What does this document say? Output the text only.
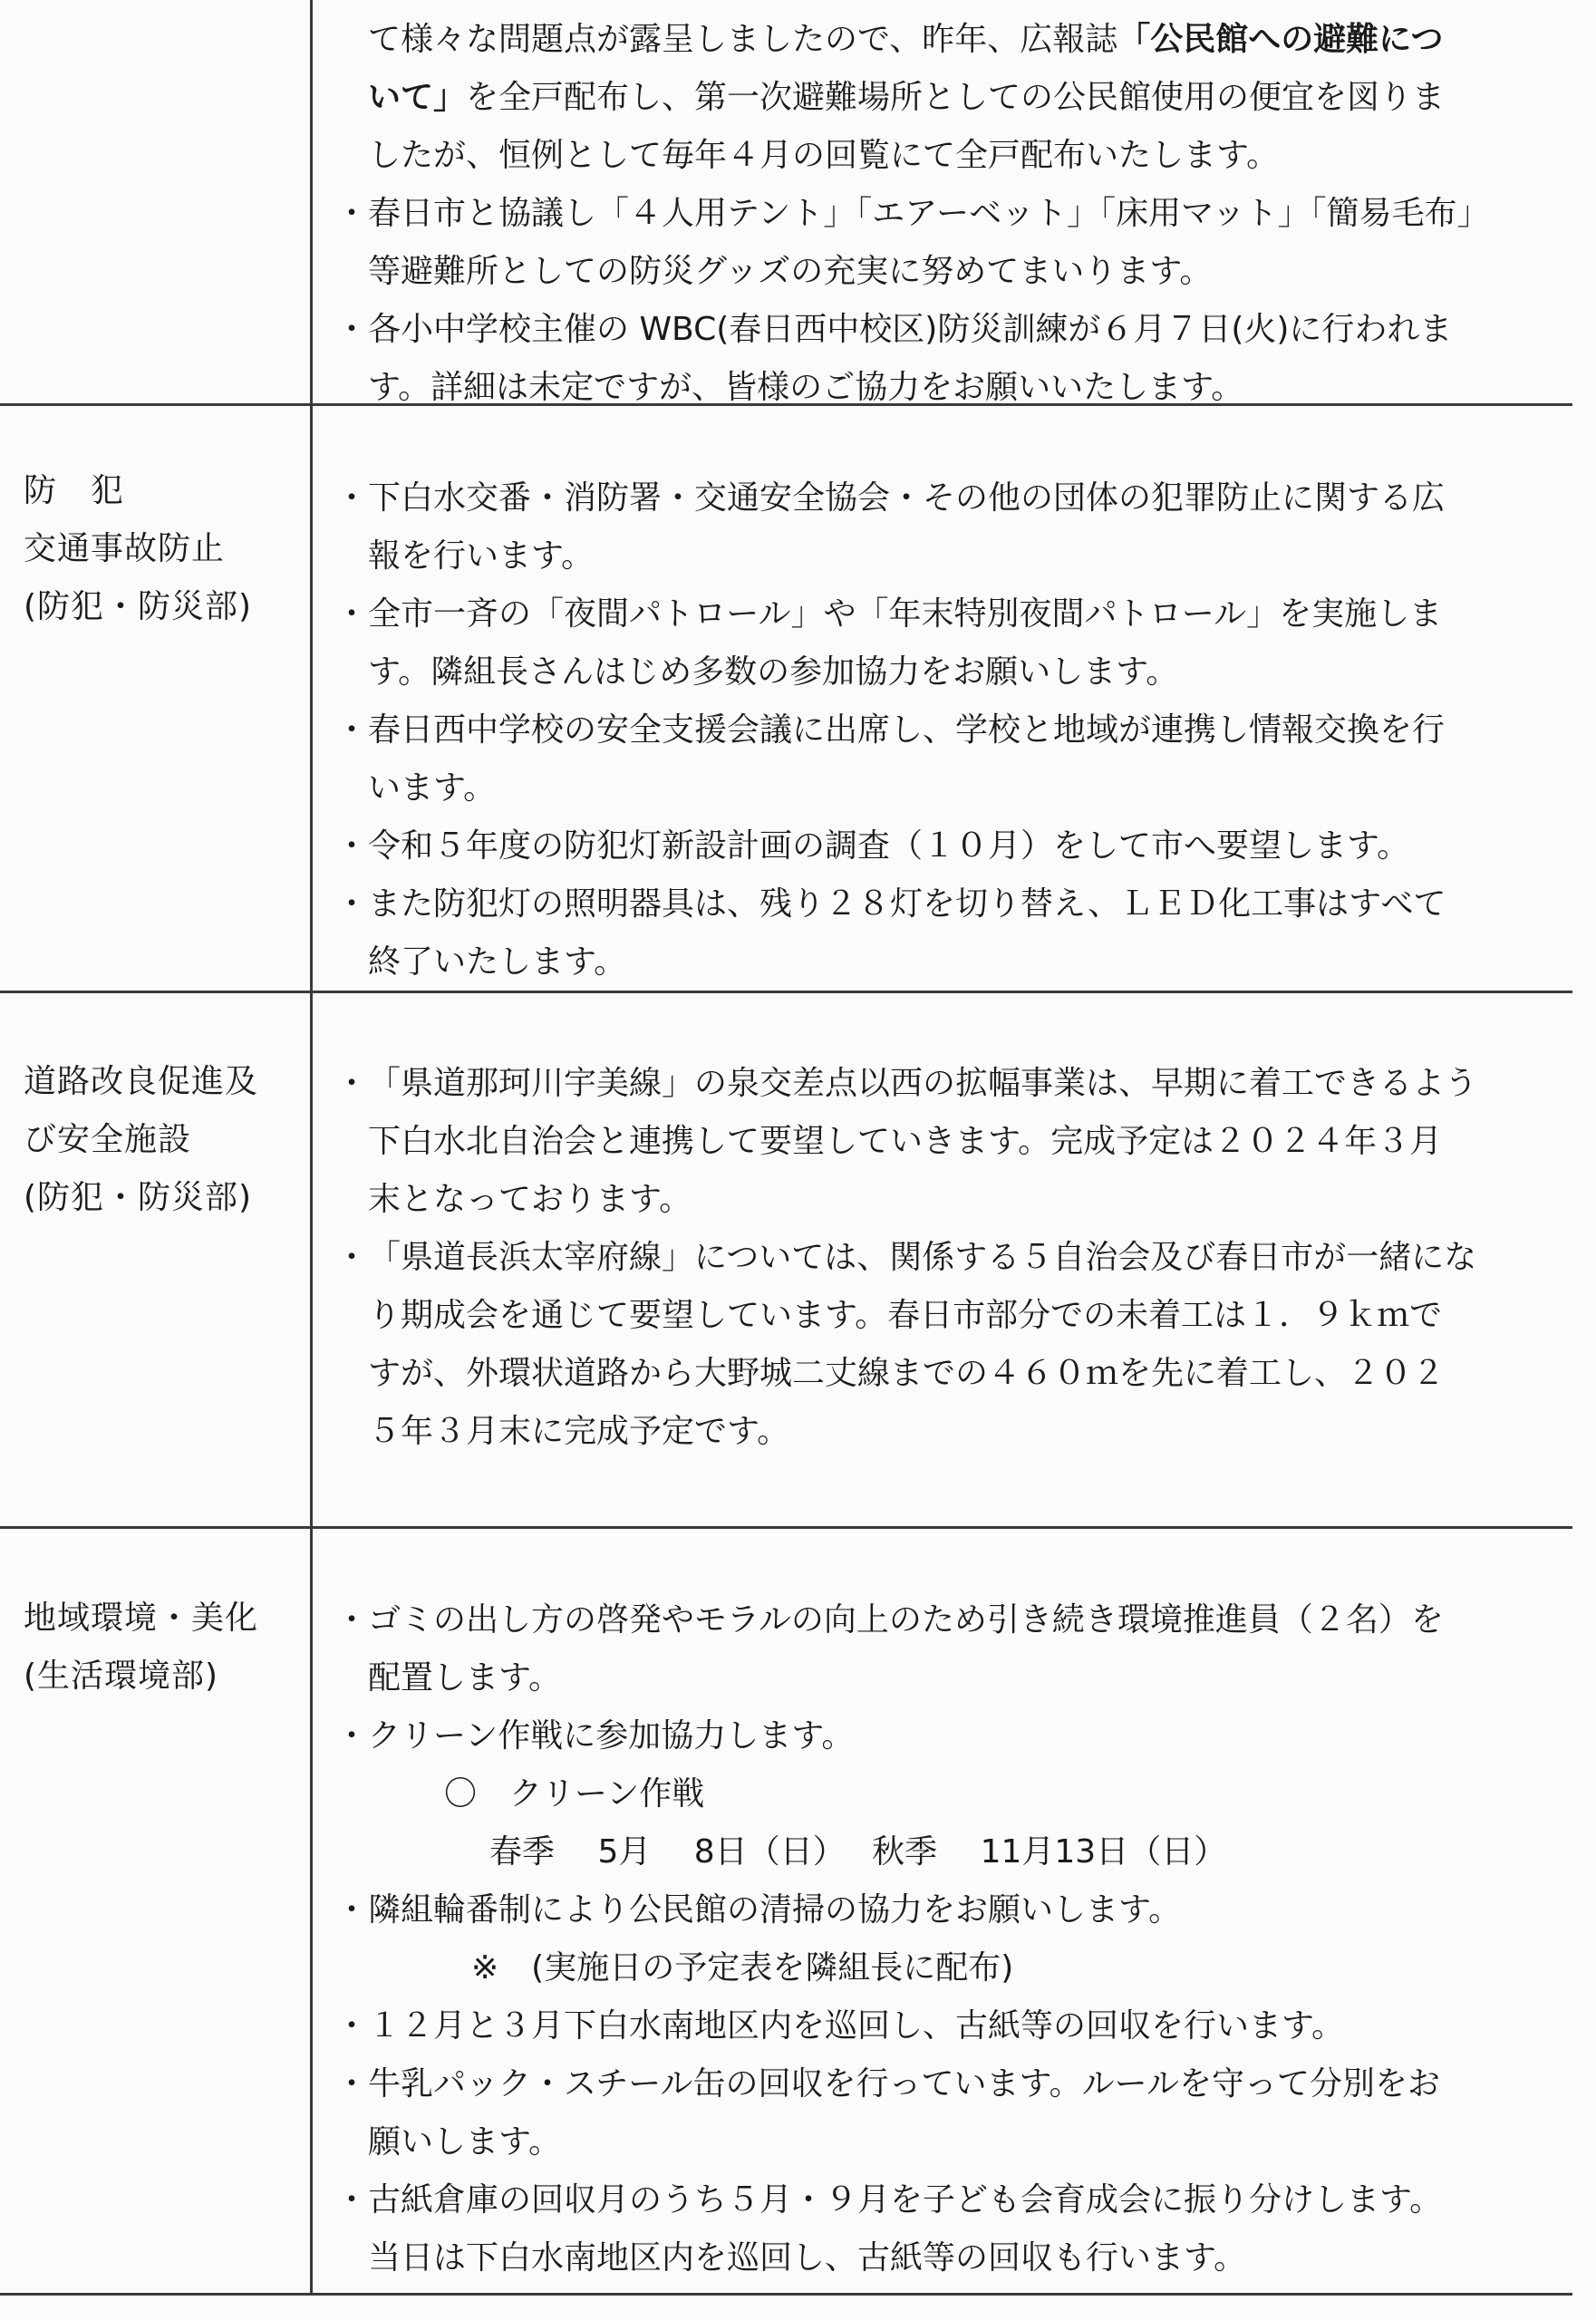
て様々な問題点が露呈しましたので、昨年、広報誌「公民館への避難につ
いて」を全戸配布し、第一次避難場所としての公民館使用の便宜を図りま
したが、恒例として毎年４月の回覧にて全戸配布いたします。
・ 春日市と協議し「４人用テント」「エアーベット」「床用マット」「簡易毛布」
等避難所としての防災グッズの充実に努めてまいります。
・ 各小中学校主催の WBC(春日西中校区)防災訓練が６月７日(火)に行われま
す。詳細は未定ですが、皆様のご協力をお願いいたします。
防　犯
交通事故防止
(防犯・防災部)
・ 下白水交番・消防署・交通安全協会・その他の団体の犯罪防止に関する広
報を行います。
・ 全市一斉の「夜間パトロール」や「年末特別夜間パトロール」を実施しま
す。隣組長さんはじめ多数の参加協力をお願いします。
・ 春日西中学校の安全支援会議に出席し、学校と地域が連携し情報交換を行
います。
・ 令和５年度の防犯灯新設計画の調査（１０月）をして市へ要望します。
・ また防犯灯の照明器具は、残り２８灯を切り替え、ＬＥＤ化工事はすべて
終了いたします。
道路改良促進及
び安全施設
(防犯・防災部)
・ 「県道那珂川宇美線」の泉交差点以西の拡幅事業は、早期に着工できるよう
下白水北自治会と連携して要望していきます。完成予定は２０２４年３月
末となっております。
・ 「県道長浜太宰府線」については、関係する５自治会及び春日市が一緒にな
り期成会を通じて要望しています。春日市部分での未着工は１．９ｋｍで
すが、外環状道路から大野城二丈線までの４６０ｍを先に着工し、２０２
５年３月末に完成予定です。
地域環境・美化
(生活環境部)
・ ゴミの出し方の啓発やモラルの向上のため引き続き環境推進員（２名）を
配置します。
・ クリーン作戦に参加協力します。
〇　クリーン作戦
春季　 5月　 8日（日）　 秋季　 11月13日（日）
・ 隣組輪番制により公民館の清掃の協力をお願いします。
※　(実施日の予定表を隣組長に配布)
・ １２月と３月下白水南地区内を巡回し、古紙等の回収を行います。
・ 牛乳パック・スチール缶の回収を行っています。ルールを守って分別をお
願いします。
・ 古紙倉庫の回収月のうち５月・９月を子ども会育成会に振り分けします。
当日は下白水南地区内を巡回し、古紙等の回収も行います。
